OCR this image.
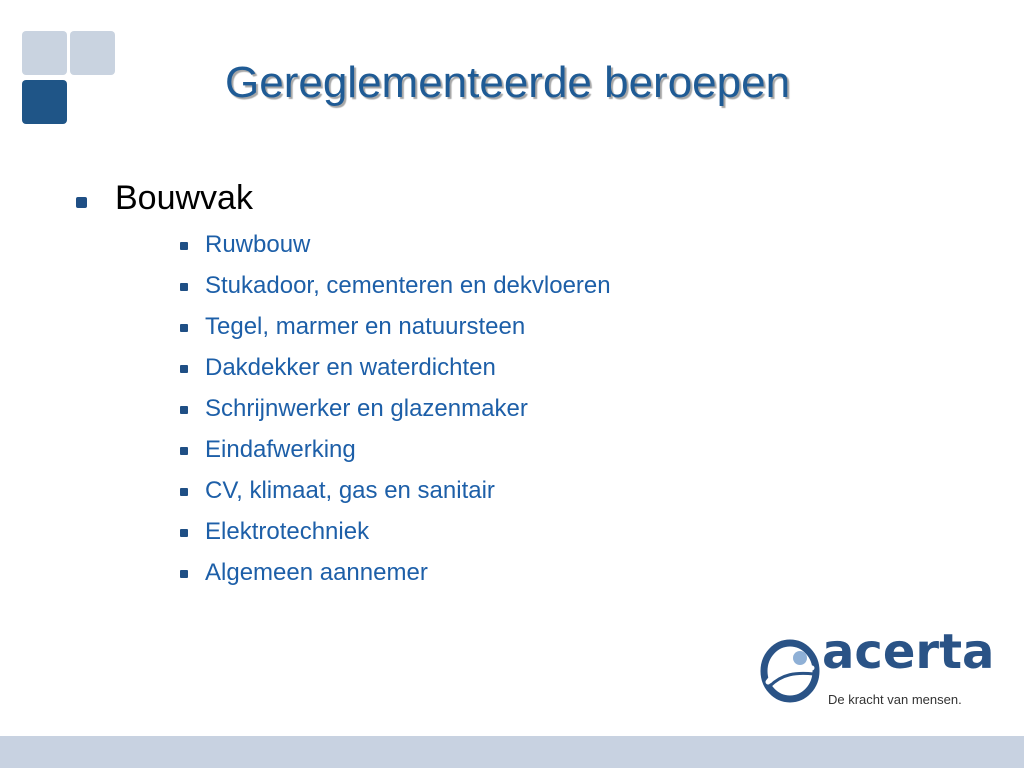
Gereglementeerde beroepen
Bouwvak
Ruwbouw
Stukadoor, cementeren en dekvloeren
Tegel, marmer en natuursteen
Dakdekker en waterdichten
Schrijnwerker en glazenmaker
Eindafwerking
CV, klimaat, gas en sanitair
Elektrotechniek
Algemeen aannemer
acerta
De kracht van mensen.
